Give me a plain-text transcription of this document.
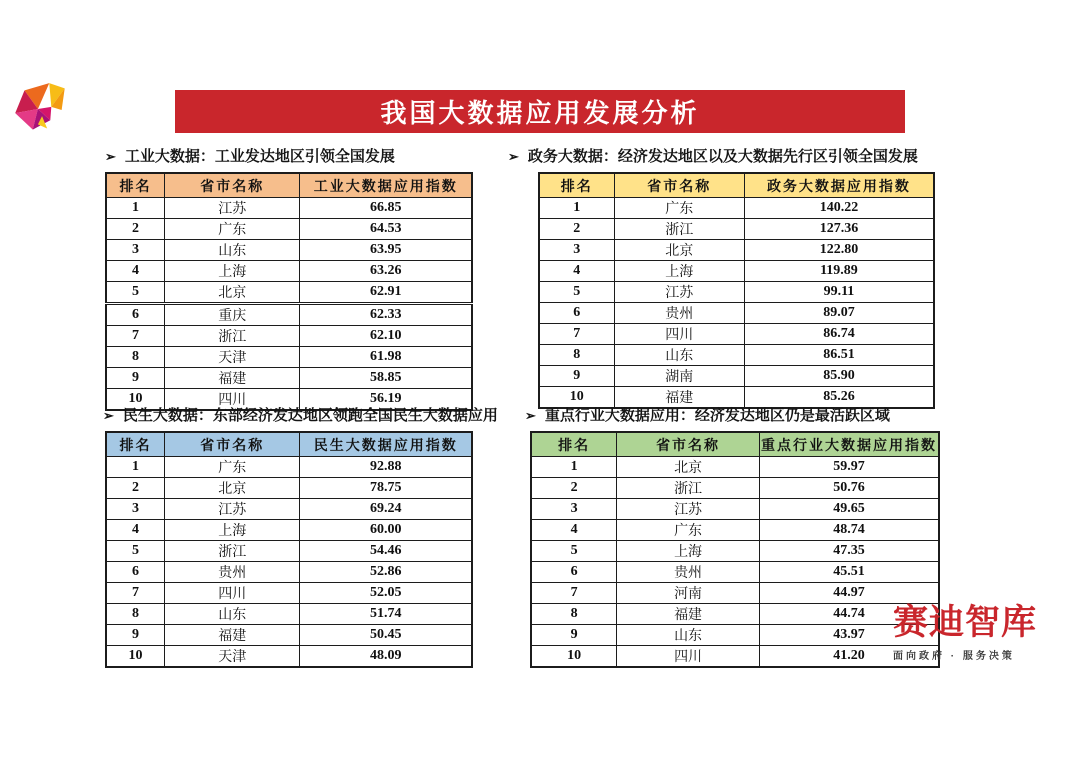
我国大数据应用发展分析
➢ 工业大数据：工业发达地区引领全国发展
排名	省市名称	工业大数据应用指数
1	江苏	66.85
2	广东	64.53
3	山东	63.95
4	上海	63.26
5	北京	62.91
6	重庆	62.33
7	浙江	62.10
8	天津	61.98
9	福建	58.85
10	四川	56.19
➢ 政务大数据：经济发达地区以及大数据先行区引领全国发展
排名	省市名称	政务大数据应用指数
1	广东	140.22
2	浙江	127.36
3	北京	122.80
4	上海	119.89
5	江苏	99.11
6	贵州	89.07
7	四川	86.74
8	山东	86.51
9	湖南	85.90
10	福建	85.26
➢ 民生大数据：东部经济发达地区领跑全国民生大数据应用
排名	省市名称	民生大数据应用指数
1	广东	92.88
2	北京	78.75
3	江苏	69.24
4	上海	60.00
5	浙江	54.46
6	贵州	52.86
7	四川	52.05
8	山东	51.74
9	福建	50.45
10	天津	48.09
➢ 重点行业大数据应用：经济发达地区仍是最活跃区域
排名	省市名称	重点行业大数据应用指数
1	北京	59.97
2	浙江	50.76
3	江苏	49.65
4	广东	48.74
5	上海	47.35
6	贵州	45.51
7	河南	44.97
8	福建	44.74
9	山东	43.97
10	四川	41.20
赛迪智库
面向政府 · 服务决策
